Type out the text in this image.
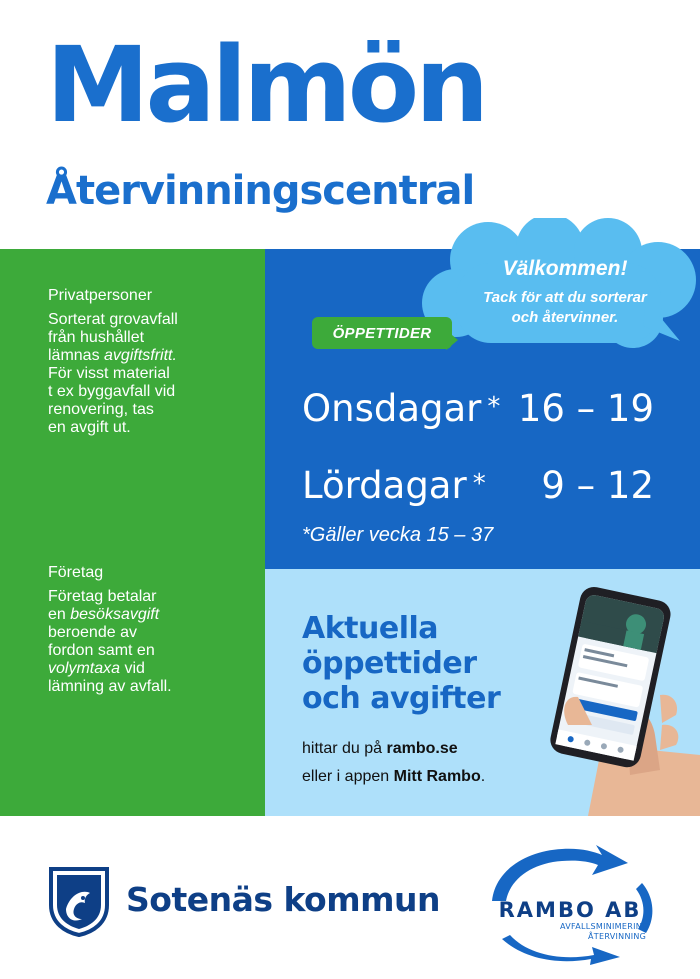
Malmön
Återvinningscentral
Privatpersoner
Sorterat grovavfall
från hushållet
lämnas avgiftsfritt.
För visst material
t ex byggavfall vid
renovering, tas
en avgift ut.
Företag
Företag betalar
en besöksavgift
beroende av
fordon samt en
volymtaxa vid
lämning av avfall.
Välkommen!
Tack för att du sorterar
och återvinner.
ÖPPETTIDER
Onsdagar * 16 – 19
Lördagar * 9 – 12
*Gäller vecka 15 – 37
Aktuella
öppettider
och avgifter
hittar du på rambo.se
eller i appen Mitt Rambo.
Sotenäs kommun	RAMBO AB
AVFALLSMINIMERING
ÅTERVINNING
